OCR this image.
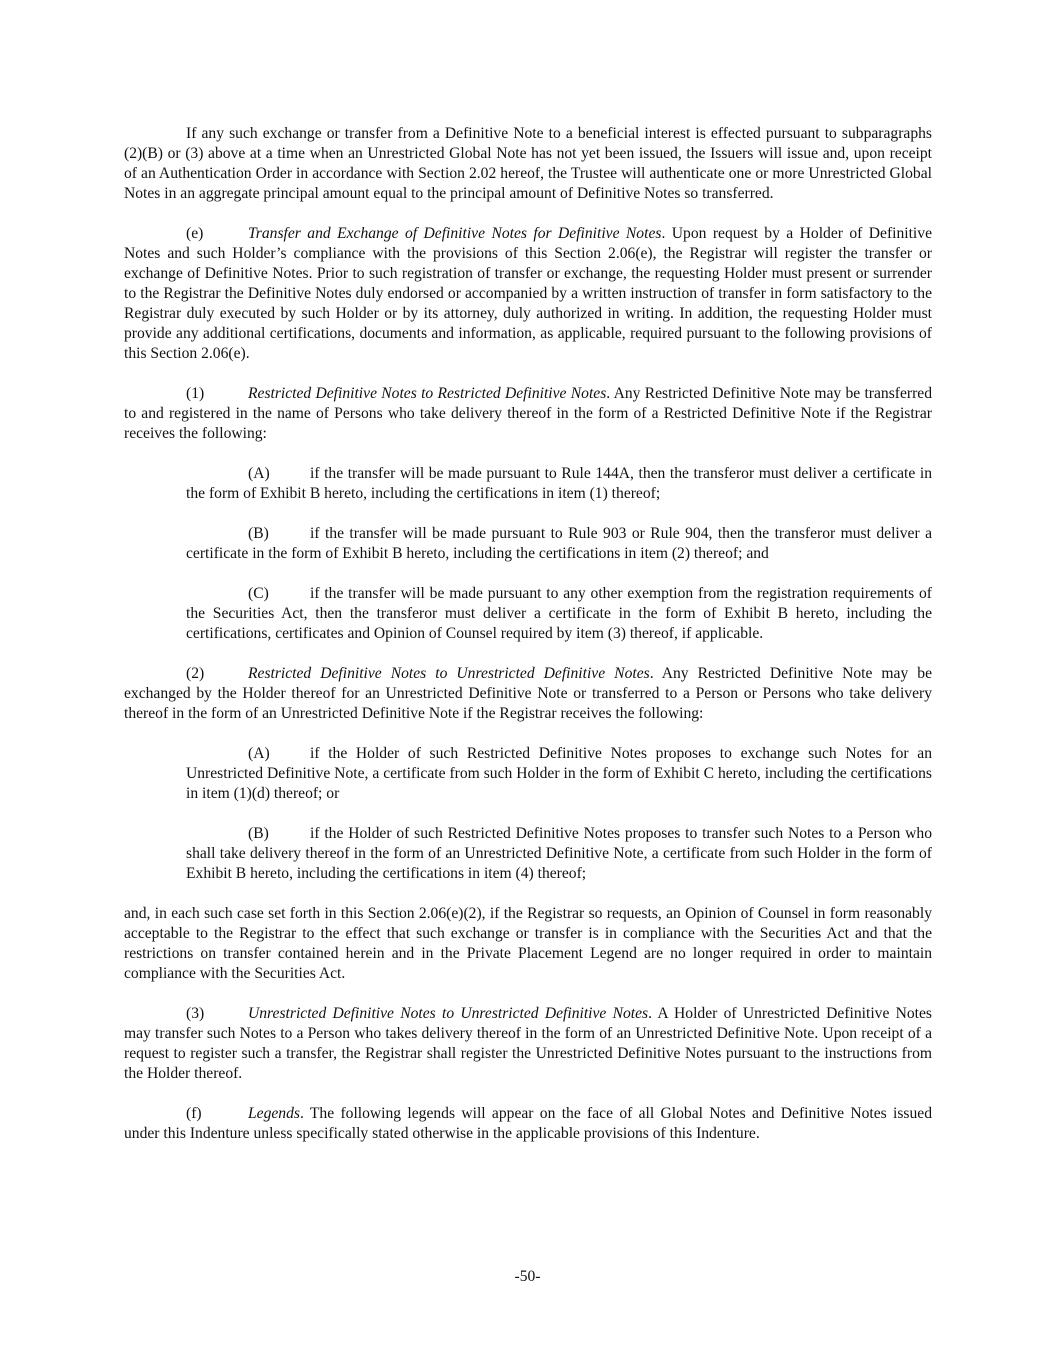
If any such exchange or transfer from a Definitive Note to a beneficial interest is effected pursuant to subparagraphs (2)(B) or (3) above at a time when an Unrestricted Global Note has not yet been issued, the Issuers will issue and, upon receipt of an Authentication Order in accordance with Section 2.02 hereof, the Trustee will authenticate one or more Unrestricted Global Notes in an aggregate principal amount equal to the principal amount of Definitive Notes so transferred.

(e)	Transfer and Exchange of Definitive Notes for Definitive Notes. Upon request by a Holder of Definitive Notes and such Holder’s compliance with the provisions of this Section 2.06(e), the Registrar will register the transfer or exchange of Definitive Notes. Prior to such registration of transfer or exchange, the requesting Holder must present or surrender to the Registrar the Definitive Notes duly endorsed or accompanied by a written instruction of transfer in form satisfactory to the Registrar duly executed by such Holder or by its attorney, duly authorized in writing. In addition, the requesting Holder must provide any additional certifications, documents and information, as applicable, required pursuant to the following provisions of this Section 2.06(e).

(1)	Restricted Definitive Notes to Restricted Definitive Notes. Any Restricted Definitive Note may be transferred to and registered in the name of Persons who take delivery thereof in the form of a Restricted Definitive Note if the Registrar receives the following:

(A)	if the transfer will be made pursuant to Rule 144A, then the transferor must deliver a certificate in the form of Exhibit B hereto, including the certifications in item (1) thereof;

(B)	if the transfer will be made pursuant to Rule 903 or Rule 904, then the transferor must deliver a certificate in the form of Exhibit B hereto, including the certifications in item (2) thereof; and

(C)	if the transfer will be made pursuant to any other exemption from the registration requirements of the Securities Act, then the transferor must deliver a certificate in the form of Exhibit B hereto, including the certifications, certificates and Opinion of Counsel required by item (3) thereof, if applicable.

(2)	Restricted Definitive Notes to Unrestricted Definitive Notes. Any Restricted Definitive Note may be exchanged by the Holder thereof for an Unrestricted Definitive Note or transferred to a Person or Persons who take delivery thereof in the form of an Unrestricted Definitive Note if the Registrar receives the following:

(A)	if the Holder of such Restricted Definitive Notes proposes to exchange such Notes for an Unrestricted Definitive Note, a certificate from such Holder in the form of Exhibit C hereto, including the certifications in item (1)(d) thereof; or

(B)	if the Holder of such Restricted Definitive Notes proposes to transfer such Notes to a Person who shall take delivery thereof in the form of an Unrestricted Definitive Note, a certificate from such Holder in the form of Exhibit B hereto, including the certifications in item (4) thereof;

and, in each such case set forth in this Section 2.06(e)(2), if the Registrar so requests, an Opinion of Counsel in form reasonably acceptable to the Registrar to the effect that such exchange or transfer is in compliance with the Securities Act and that the restrictions on transfer contained herein and in the Private Placement Legend are no longer required in order to maintain compliance with the Securities Act.

(3)	Unrestricted Definitive Notes to Unrestricted Definitive Notes. A Holder of Unrestricted Definitive Notes may transfer such Notes to a Person who takes delivery thereof in the form of an Unrestricted Definitive Note. Upon receipt of a request to register such a transfer, the Registrar shall register the Unrestricted Definitive Notes pursuant to the instructions from the Holder thereof.

(f)	Legends. The following legends will appear on the face of all Global Notes and Definitive Notes issued under this Indenture unless specifically stated otherwise in the applicable provisions of this Indenture.

-50-
